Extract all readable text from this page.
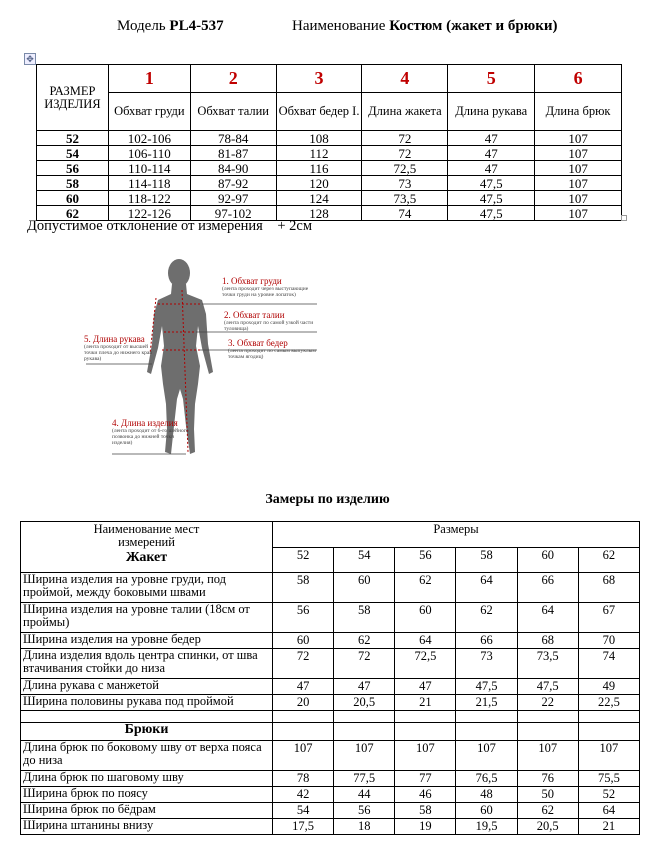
Модель PL4-537	Наименование Костюм (жакет и брюки)
✥
РАЗМЕР ИЗДЕЛИЯ	1	2	3	4	5	6
	Обхват груди	Обхват талии	Обхват бедер I.	Длина жакета	Длина рукава	Длина брюк
52	102-106	78-84	108	72	47	107
54	106-110	81-87	112	72	47	107
56	110-114	84-90	116	72,5	47	107
58	114-118	87-92	120	73	47,5	107
60	118-122	92-97	124	73,5	47,5	107
62	122-126	97-102	128	74	47,5	107
Допустимое отклонение от измерения + 2см
1. Обхват груди
(лента проходит через выступающие точки груди на уровне лопаток)
2. Обхват талии
(лента проходит по самой узкой части туловища)
3. Обхват бедер
(лента проходит по самым выпуклым точкам ягодиц)
5. Длина рукава
(лента проходит от высшей точки плеча до нижнего края рукава)
4. Длина изделия
(лента проходит от 6-го шейного позвонка до нижней точки изделия)
Замеры по изделию
Наименование мест измерений
Жакет	Размеры					
	52	54	56	58	60	62
Ширина изделия на уровне груди, под проймой, между боковыми швами	58	60	62	64	66	68
Ширина изделия на уровне талии (18см от проймы)	56	58	60	62	64	67
Ширина изделия на уровне бедер	60	62	64	66	68	70
Длина изделия вдоль центра спинки, от шва втачивания стойки до низа	72	72	72,5	73	73,5	74
Длина рукава с манжетой	47	47	47	47,5	47,5	49
Ширина половины рукава под проймой	20	20,5	21	21,5	22	22,5

Брюки						
Длина брюк по боковому шву от верха пояса до низа	107	107	107	107	107	107
Длина брюк по шаговому шву	78	77,5	77	76,5	76	75,5
Ширина брюк по поясу	42	44	46	48	50	52
Ширина брюк по бёдрам	54	56	58	60	62	64
Ширина штанины внизу	17,5	18	19	19,5	20,5	21
